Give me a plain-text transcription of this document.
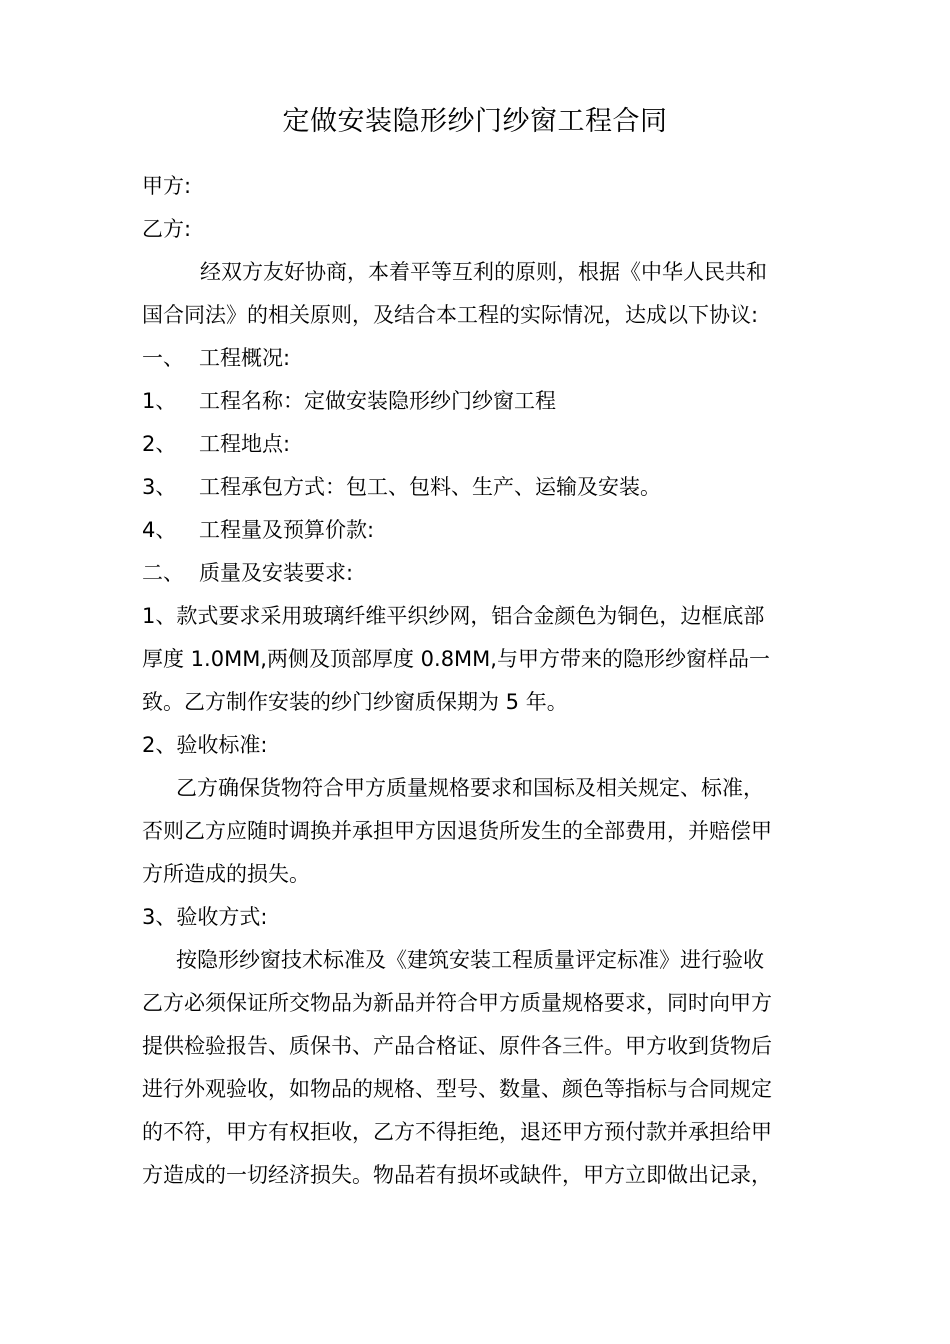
定做安装隐形纱门纱窗工程合同
甲方:
乙方:
经双方友好协商，本着平等互利的原则，根据《中华人民共和
国合同法》的相关原则，及结合本工程的实际情况，达成以下协议:
一、 工程概况:
1、 工程名称：定做安装隐形纱门纱窗工程
2、 工程地点:
3、 工程承包方式：包工、包料、生产、运输及安装。
4、 工程量及预算价款:
二、 质量及安装要求:
1、款式要求采用玻璃纤维平织纱网，铝合金颜色为铜色，边框底部
厚度 1.0MM,两侧及顶部厚度 0.8MM,与甲方带来的隐形纱窗样品一
致。乙方制作安装的纱门纱窗质保期为 5 年。
2、验收标准:
乙方确保货物符合甲方质量规格要求和国标及相关规定、标准，
否则乙方应随时调换并承担甲方因退货所发生的全部费用，并赔偿甲
方所造成的损失。
3、验收方式:
按隐形纱窗技术标准及《建筑安装工程质量评定标准》进行验收
乙方必须保证所交物品为新品并符合甲方质量规格要求，同时向甲方
提供检验报告、质保书、产品合格证、原件各三件。甲方收到货物后
进行外观验收，如物品的规格、型号、数量、颜色等指标与合同规定
的不符，甲方有权拒收，乙方不得拒绝，退还甲方预付款并承担给甲
方造成的一切经济损失。物品若有损坏或缺件，甲方立即做出记录，
